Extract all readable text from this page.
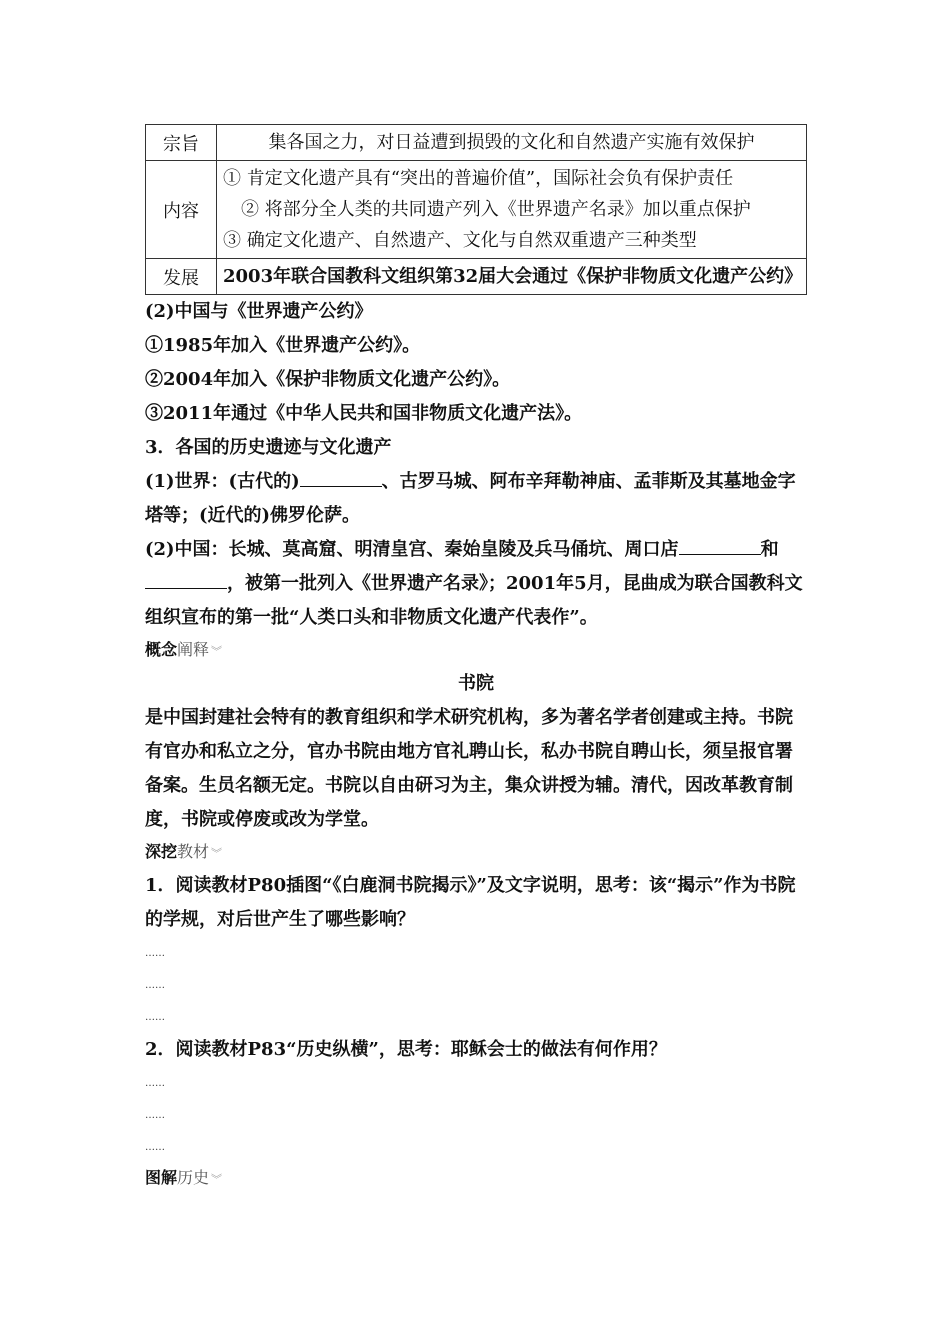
宗旨	集各国之力，对日益遭到损毁的文化和自然遗产实施有效保护
内容	① 肯定文化遗产具有“突出的普遍价值”，国际社会负有保护责任
② 将部分全人类的共同遗产列入《世界遗产名录》加以重点保护
③ 确定文化遗产、自然遗产、文化与自然双重遗产三种类型

发展	2003年联合国教科文组织第32届大会通过《保护非物质文化遗产公约》

(2)中国与《世界遗产公约》

①1985年加入《世界遗产公约》。

②2004年加入《保护非物质文化遗产公约》。

③2011年通过《中华人民共和国非物质文化遗产法》。

3．各国的历史遗迹与文化遗产

(1)世界：(古代的)	、古罗马城、阿布辛拜勒神庙、孟菲斯及其墓地金字塔等；(近代的)佛罗伦萨。

(2)中国：长城、莫高窟、明清皇宫、秦始皇陵及兵马俑坑、周口店	和
，被第一批列入《世界遗产名录》；2001年5月，昆曲成为联合国教科文组织宣布的第一批“人类口头和非物质文化遗产代表作”。

概念阐释 ︾

书院

是中国封建社会特有的教育组织和学术研究机构，多为著名学者创建或主持。书院有官办和私立之分，官办书院由地方官礼聘山长，私办书院自聘山长，须呈报官署备案。生员名额无定。书院以自由研习为主，集众讲授为辅。清代，因改革教育制度，书院或停废或改为学堂。

深挖教材 ︾

1．阅读教材P80插图“《白鹿洞书院揭示》”及文字说明，思考：该“揭示”作为书院的学规，对后世产生了哪些影响？

……
……
……

2．阅读教材P83“历史纵横”，思考：耶稣会士的做法有何作用？

……
……
……

图解历史 ︾
